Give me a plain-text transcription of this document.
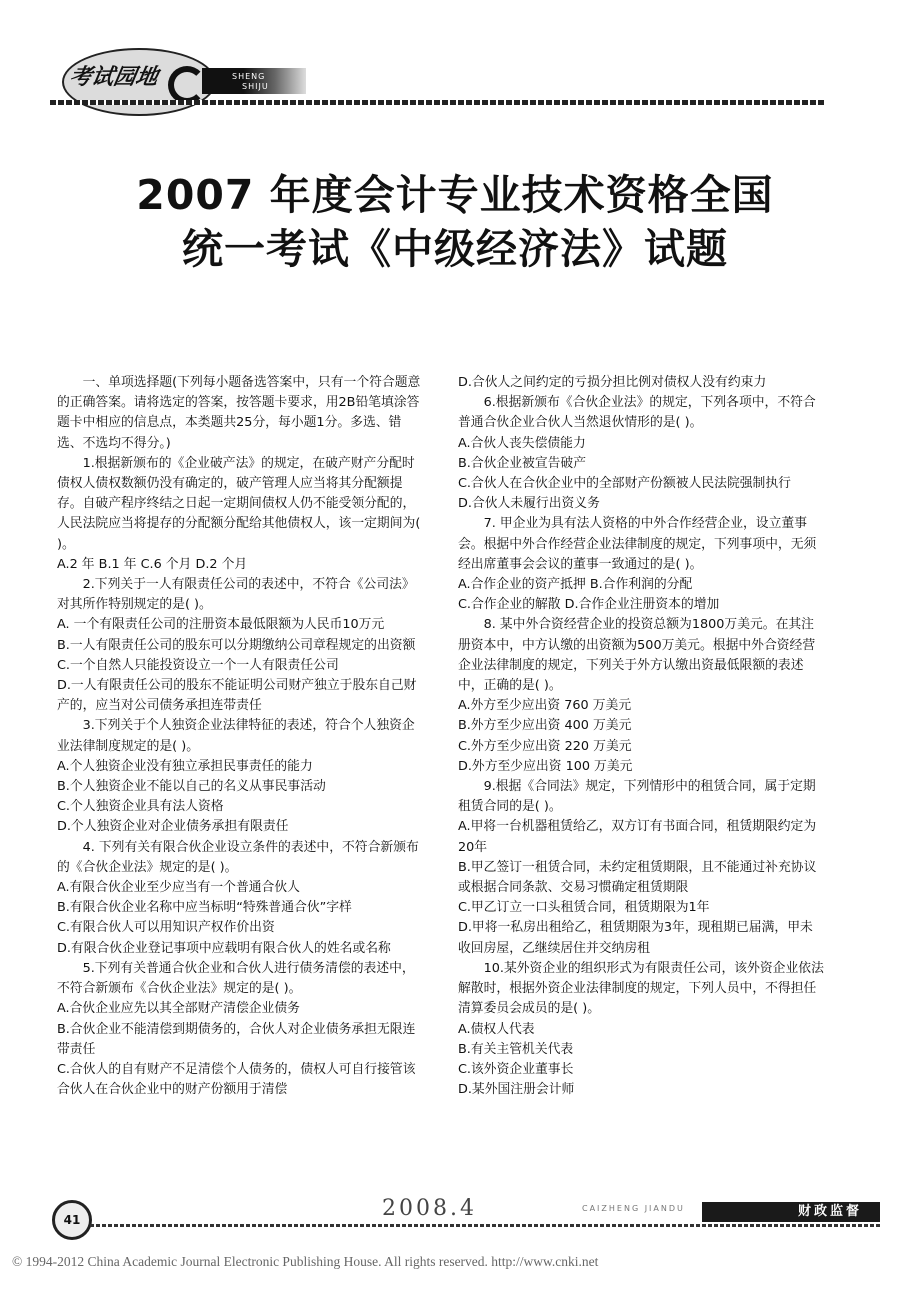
考试园地	SHENG
SHIJU
2007 年度会计专业技术资格全国
统一考试《中级经济法》试题

一、单项选择题(下列每小题备选答案中，只有一个符合题意的正确答案。请将选定的答案，按答题卡要求，用2B铅笔填涂答题卡中相应的信息点，本类题共25分，每小题1分。多选、错选、不选均不得分。)

1.根据新颁布的《企业破产法》的规定，在破产财产分配时债权人债权数额仍没有确定的，破产管理人应当将其分配额提存。自破产程序终结之日起一定期间债权人仍不能受领分配的，人民法院应当将提存的分配额分配给其他债权人，该一定期间为( )。

A.2 年 B.1 年 C.6 个月 D.2 个月

2.下列关于一人有限责任公司的表述中，不符合《公司法》对其所作特别规定的是( )。

A. 一个有限责任公司的注册资本最低限额为人民币10万元

B.一人有限责任公司的股东可以分期缴纳公司章程规定的出资额

C.一个自然人只能投资设立一个一人有限责任公司

D.一人有限责任公司的股东不能证明公司财产独立于股东自己财产的，应当对公司债务承担连带责任

3.下列关于个人独资企业法律特征的表述，符合个人独资企业法律制度规定的是( )。

A.个人独资企业没有独立承担民事责任的能力

B.个人独资企业不能以自己的名义从事民事活动

C.个人独资企业具有法人资格

D.个人独资企业对企业债务承担有限责任

4. 下列有关有限合伙企业设立条件的表述中，不符合新颁布的《合伙企业法》规定的是( )。

A.有限合伙企业至少应当有一个普通合伙人

B.有限合伙企业名称中应当标明“特殊普通合伙”字样

C.有限合伙人可以用知识产权作价出资

D.有限合伙企业登记事项中应载明有限合伙人的姓名或名称

5.下列有关普通合伙企业和合伙人进行债务清偿的表述中，不符合新颁布《合伙企业法》规定的是( )。

A.合伙企业应先以其全部财产清偿企业债务

B.合伙企业不能清偿到期债务的，合伙人对企业债务承担无限连带责任

C.合伙人的自有财产不足清偿个人债务的，债权人可自行接管该合伙人在合伙企业中的财产份额用于清偿

D.合伙人之间约定的亏损分担比例对债权人没有约束力

6.根据新颁布《合伙企业法》的规定，下列各项中，不符合普通合伙企业合伙人当然退伙情形的是( )。

A.合伙人丧失偿债能力

B.合伙企业被宣告破产

C.合伙人在合伙企业中的全部财产份额被人民法院强制执行

D.合伙人未履行出资义务

7. 甲企业为具有法人资格的中外合作经营企业，设立董事会。根据中外合作经营企业法律制度的规定，下列事项中，无须经出席董事会会议的董事一致通过的是( )。

A.合作企业的资产抵押 B.合作利润的分配

C.合作企业的解散 D.合作企业注册资本的增加

8. 某中外合资经营企业的投资总额为1800万美元。在其注册资本中，中方认缴的出资额为500万美元。根据中外合资经营企业法律制度的规定，下列关于外方认缴出资最低限额的表述中，正确的是( )。

A.外方至少应出资 760 万美元

B.外方至少应出资 400 万美元

C.外方至少应出资 220 万美元

D.外方至少应出资 100 万美元

9.根据《合同法》规定，下列情形中的租赁合同，属于定期租赁合同的是( )。

A.甲将一台机器租赁给乙，双方订有书面合同，租赁期限约定为20年

B.甲乙签订一租赁合同，未约定租赁期限，且不能通过补充协议或根据合同条款、交易习惯确定租赁期限

C.甲乙订立一口头租赁合同，租赁期限为1年

D.甲将一私房出租给乙，租赁期限为3年，现租期已届满，甲未收回房屋，乙继续居住并交纳房租

10.某外资企业的组织形式为有限责任公司，该外资企业依法解散时，根据外资企业法律制度的规定，下列人员中，不得担任清算委员会成员的是( )。

A.债权人代表

B.有关主管机关代表

C.该外资企业董事长

D.某外国注册会计师

41	2008.4	CAIZHENG JIANDU	财政监督
© 1994-2012 China Academic Journal Electronic Publishing House. All rights reserved. http://www.cnki.net
